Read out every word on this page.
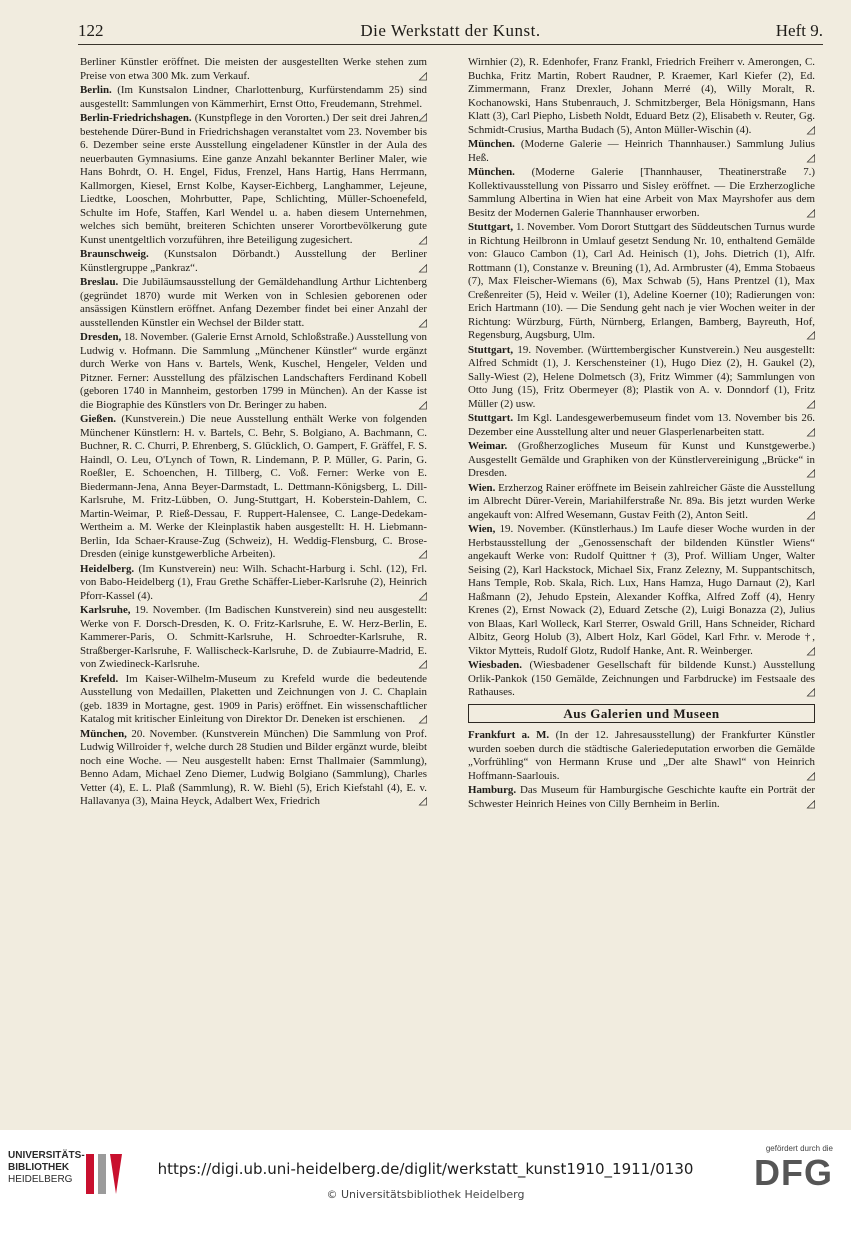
122	Die Werkstatt der Kunst.	Heft 9.

Berliner Künstler eröffnet. Die meisten der ausgestellten Werke stehen zum Preise von etwa 300 Mk. zum Verkauf.	◿

Berlin. (Im Kunstsalon Lindner, Charlottenburg, Kurfürstendamm 25) sind ausgestellt: Sammlungen von Kämmerhirt, Ernst Otto, Freudemann, Strehmel.
◿

Berlin-Friedrichshagen. (Kunstpflege in den Vororten.) Der seit drei Jahren bestehende Dürer-Bund in Friedrichshagen veranstaltet vom 23. November bis 6. Dezember seine erste Ausstellung eingeladener Künstler in der Aula des neuerbauten Gymnasiums. Eine ganze Anzahl bekannter Berliner Maler, wie Hans Bohrdt, O. H. Engel, Fidus, Frenzel, Hans Hartig, Hans Herrmann, Kallmorgen, Kiesel, Ernst Kolbe, Kayser-Eichberg, Langhammer, Lejeune, Liedtke, Looschen, Mohrbutter, Pape, Schlichting, Müller-Schoenefeld, Schulte im Hofe, Staffen, Karl Wendel u. a. haben diesem Unternehmen, welches sich bemüht, breiteren Schichten unserer Vorortbevölkerung gute Kunst unentgeltlich vorzuführen, ihre Beteiligung zugesichert.	◿

Braunschweig. (Kunstsalon Dörbandt.) Ausstellung der Berliner Künstlergruppe „Pankraz“.	◿

Breslau. Die Jubiläumsausstellung der Gemäldehandlung Arthur Lichtenberg (gegründet 1870) wurde mit Werken von in Schlesien geborenen oder ansässigen Künstlern eröffnet. Anfang Dezember findet bei einer Anzahl der ausstellenden Künstler ein Wechsel der Bilder statt.	◿

Dresden, 18. November. (Galerie Ernst Arnold, Schloßstraße.) Ausstellung von Ludwig v. Hofmann. Die Sammlung „Münchener Künstler“ wurde ergänzt durch Werke von Hans v. Bartels, Wenk, Kuschel, Hengeler, Velden und Pitzner. Ferner: Ausstellung des pfälzischen Landschafters Ferdinand Kobell (geboren 1740 in Mannheim, gestorben 1799 in München). An der Kasse ist die Biographie des Künstlers von Dr. Beringer zu haben.	◿

Gießen. (Kunstverein.) Die neue Ausstellung enthält Werke von folgenden Münchener Künstlern: H. v. Bartels, C. Behr, S. Bolgiano, A. Bachmann, C. Buchner, R. C. Churri, P. Ehrenberg, S. Glücklich, O. Gampert, F. Gräffel, F. S. Haindl, O. Leu, O'Lynch of Town, R. Lindemann, P. P. Müller, G. Parin, G. Roeßler, E. Schoenchen, H. Tillberg, C. Voß. Ferner: Werke von E. Biedermann-Jena, Anna Beyer-Darmstadt, L. Dettmann-Königsberg, L. Dill-Karlsruhe, M. Fritz-Lübben, O. Jung-Stuttgart, H. Koberstein-Dahlem, C. Martin-Weimar, P. Rieß-Dessau, F. Ruppert-Halensee, C. Lange-Dedekam-Wertheim a. M. Werke der Kleinplastik haben ausgestellt: H. H. Liebmann-Berlin, Ida Schaer-Krause-Zug (Schweiz), H. Weddig-Flensburg, C. Brose-Dresden (einige kunstgewerbliche Arbeiten).	◿

Heidelberg. (Im Kunstverein) neu: Wilh. Schacht-Harburg i. Schl. (12), Frl. von Babo-Heidelberg (1), Frau Grethe Schäffer-Lieber-Karlsruhe (2), Heinrich Pforr-Kassel (4).	◿

Karlsruhe, 19. November. (Im Badischen Kunstverein) sind neu ausgestellt: Werke von F. Dorsch-Dresden, K. O. Fritz-Karlsruhe, E. W. Herz-Berlin, E. Kammerer-Paris, O. Schmitt-Karlsruhe, H. Schroedter-Karlsruhe, R. Straßberger-Karlsruhe, F. Wallischeck-Karlsruhe, D. de Zubiaurre-Madrid, E. von Zwiedineck-Karlsruhe.	◿

Krefeld. Im Kaiser-Wilhelm-Museum zu Krefeld wurde die bedeutende Ausstellung von Medaillen, Plaketten und Zeichnungen von J. C. Chaplain (geb. 1839 in Mortagne, gest. 1909 in Paris) eröffnet. Ein wissenschaftlicher Katalog mit kritischer Einleitung von Direktor Dr. Deneken ist erschienen. ◿

München, 20. November. (Kunstverein München) Die Sammlung von Prof. Ludwig Willroider †, welche durch 28 Studien und Bilder ergänzt wurde, bleibt noch eine Woche. — Neu ausgestellt haben: Ernst Thallmaier (Sammlung), Benno Adam, Michael Zeno Diemer, Ludwig Bolgiano (Sammlung), Charles Vetter (4), E. L. Plaß (Sammlung), R. W. Biehl (5), Erich Kiefstahl (4), E. v. Hallavanya (3), Maina Heyck, Adalbert Wex, Friedrich	◿

Wirnhier (2), R. Edenhofer, Franz Frankl, Friedrich Freiherr v. Amerongen, C. Buchka, Fritz Martin, Robert Raudner, P. Kraemer, Karl Kiefer (2), Ed. Zimmermann, Franz Drexler, Johann Merré (4), Willy Moralt, R. Kochanowski, Hans Stubenrauch, J. Schmitzberger, Bela Hönigsmann, Hans Klatt (3), Carl Piepho, Lisbeth Noldt, Eduard Betz (2), Elisabeth v. Reuter, Gg. Schmidt-Crusius, Martha Budach (5), Anton Müller-Wischin (4).	◿

München. (Moderne Galerie — Heinrich Thannhauser.) Sammlung Julius Heß.	◿

München. (Moderne Galerie [Thannhauser, Theatinerstraße 7.) Kollektivausstellung von Pissarro und Sisley eröffnet. — Die Erzherzogliche Sammlung Albertina in Wien hat eine Arbeit von Max Mayrshofer aus dem Besitz der Modernen Galerie Thannhauser erworben.	◿

Stuttgart, 1. November. Vom Dorort Stuttgart des Süddeutschen Turnus wurde in Richtung Heilbronn in Umlauf gesetzt Sendung Nr. 10, enthaltend Gemälde von: Glauco Cambon (1), Carl Ad. Heinisch (1), Johs. Dietrich (1), Alfr. Rottmann (1), Constanze v. Breuning (1), Ad. Armbruster (4), Emma Stobaeus (7), Max Fleischer-Wiemans (6), Max Schwab (5), Hans Prentzel (1), Max Creßenreiter (5), Heid v. Weiler (1), Adeline Koerner (10); Radierungen von: Erich Hartmann (10). — Die Sendung geht nach je vier Wochen weiter in der Richtung: Würzburg, Fürth, Nürnberg, Erlangen, Bamberg, Bayreuth, Hof, Regensburg, Augsburg, Ulm.	◿

Stuttgart, 19. November. (Württembergischer Kunstverein.) Neu ausgestellt: Alfred Schmidt (1), J. Kerschensteiner (1), Hugo Diez (2), H. Gaukel (2), Sally-Wiest (2), Helene Dolmetsch (3), Fritz Wimmer (4); Sammlungen von Otto Jung (15), Fritz Obermeyer (8); Plastik von A. v. Donndorf (1), Fritz Müller (2) usw.	◿

Stuttgart. Im Kgl. Landesgewerbemuseum findet vom 13. November bis 26. Dezember eine Ausstellung alter und neuer Glasperlenarbeiten statt.	◿

Weimar. (Großherzogliches Museum für Kunst und Kunstgewerbe.) Ausgestellt Gemälde und Graphiken von der Künstlervereinigung „Brücke“ in Dresden.	◿

Wien. Erzherzog Rainer eröffnete im Beisein zahlreicher Gäste die Ausstellung im Albrecht Dürer-Verein, Mariahilferstraße Nr. 89a. Bis jetzt wurden Werke angekauft von: Alfred Wesemann, Gustav Feith (2), Anton Seitl.	◿

Wien, 19. November. (Künstlerhaus.) Im Laufe dieser Woche wurden in der Herbstausstellung der „Genossenschaft der bildenden Künstler Wiens“ angekauft Werke von: Rudolf Quittner † (3), Prof. William Unger, Walter Seising (2), Karl Hackstock, Michael Six, Franz Zelezny, M. Suppantschitsch, Hans Temple, Rob. Skala, Rich. Lux, Hans Hamza, Hugo Darnaut (2), Karl Haßmann (2), Jehudo Epstein, Alexander Koffka, Alfred Zoff (4), Henry Krenes (2), Ernst Nowack (2), Eduard Zetsche (2), Luigi Bonazza (2), Julius von Blaas, Karl Wolleck, Karl Sterrer, Oswald Grill, Hans Schneider, Richard Albitz, Georg Holub (3), Albert Holz, Karl Gödel, Karl Frhr. v. Merode †, Viktor Mytteis, Rudolf Glotz, Rudolf Hanke, Ant. R. Weinberger.	◿

Wiesbaden. (Wiesbadener Gesellschaft für bildende Kunst.) Ausstellung Orlik-Pankok (150 Gemälde, Zeichnungen und Farbdrucke) im Festsaale des Rathauses.	◿

Aus Galerien und Museen

Frankfurt a. M. (In der 12. Jahresausstellung) der Frankfurter Künstler wurden soeben durch die städtische Galeriedeputation erworben die Gemälde „Vorfrühling“ von Hermann Kruse und „Der alte Shawl“ von Heinrich Hoffmann-Saarlouis.	◿

Hamburg. Das Museum für Hamburgische Geschichte kaufte ein Porträt der Schwester Heinrich Heines von Cilly Bernheim in Berlin.	◿

UNIVERSITÄTS-
BIBLIOTHEK
HEIDELBERG
https://digi.ub.uni-heidelberg.de/diglit/werkstatt_kunst1910_1911/0130
© Universitätsbibliothek Heidelberg
gefördert durch die
DFG
